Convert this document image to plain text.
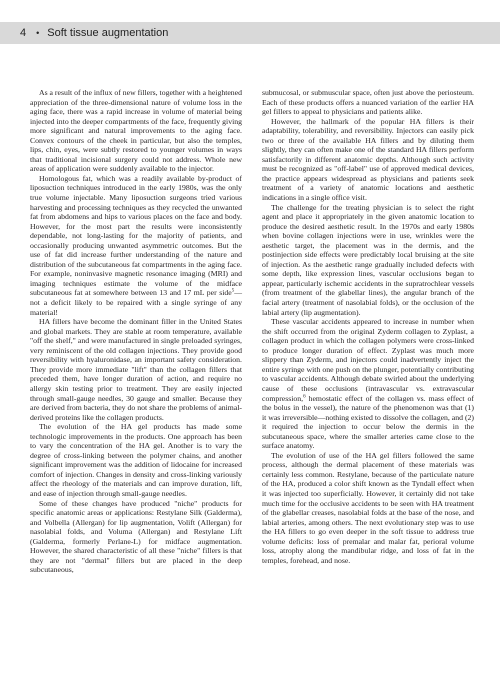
4 • Soft tissue augmentation

As a result of the influx of new fillers, together with a heightened appreciation of the three-dimensional nature of volume loss in the aging face, there was a rapid increase in volume of material being injected into the deeper compartments of the face, frequently giving more significant and natural improvements to the aging face. Convex contours of the cheek in particular, but also the temples, lips, chin, eyes, were subtly restored to younger volumes in ways that traditional incisional surgery could not address. Whole new areas of application were suddenly available to the injector.

Homologous fat, which was a readily available by-product of liposuction techniques introduced in the early 1980s, was the only true volume injectable. Many liposuction surgeons tried various harvesting and processing techniques as they recycled the unwanted fat from abdomens and hips to various places on the face and body. However, for the most part the results were inconsistently dependable, not long-lasting for the majority of patients, and occasionally producing unwanted asymmetric outcomes. But the use of fat did increase further understanding of the nature and distribution of the subcutaneous fat compartments in the aging face. For example, noninvasive magnetic resonance imaging (MRI) and imaging techniques estimate the volume of the midface subcutaneous fat at somewhere between 13 and 17 mL per side$^5$—not a deficit likely to be repaired with a single syringe of any material!

HA fillers have become the dominant filler in the United States and global markets. They are stable at room temperature, available "off the shelf," and were manufactured in single preloaded syringes, very reminiscent of the old collagen injections. They provide good reversibility with hyaluronidase, an important safety consideration. They provide more immediate "lift" than the collagen fillers that preceded them, have longer duration of action, and require no allergy skin testing prior to treatment. They are easily injected through small-gauge needles, 30 gauge and smaller. Because they are derived from bacteria, they do not share the problems of animal-derived proteins like the collagen products.

The evolution of the HA gel products has made some technologic improvements in the products. One approach has been to vary the concentration of the HA gel. Another is to vary the degree of cross-linking between the polymer chains, and another significant improvement was the addition of lidocaine for increased comfort of injection. Changes in density and cross-linking variously affect the rheology of the materials and can improve duration, lift, and ease of injection through small-gauge needles.

Some of these changes have produced "niche" products for specific anatomic areas or applications: Restylane Silk (Galderma), and Volbella (Allergan) for lip augmentation, Volift (Allergan) for nasolabial folds, and Voluma (Allergan) and Restylane Lift (Galderma, formerly Perlane-L) for midface augmentation. However, the shared characteristic of all these "niche" fillers is that they are not "dermal" fillers but are placed in the deep subcutaneous,

submucosal, or submuscular space, often just above the periosteum. Each of these products offers a nuanced variation of the earlier HA gel fillers to appeal to physicians and patients alike.

However, the hallmark of the popular HA fillers is their adaptability, tolerability, and reversibility. Injectors can easily pick two or three of the available HA fillers and by diluting them slightly, they can often make one of the standard HA fillers perform satisfactorily in different anatomic depths. Although such activity must be recognized as "off-label" use of approved medical devices, the practice appears widespread as physicians and patients seek treatment of a variety of anatomic locations and aesthetic indications in a single office visit.

The challenge for the treating physician is to select the right agent and place it appropriately in the given anatomic location to produce the desired aesthetic result. In the 1970s and early 1980s when bovine collagen injections were in use, wrinkles were the aesthetic target, the placement was in the dermis, and the postinjection side effects were predictably local bruising at the site of injection. As the aesthetic range gradually included defects with some depth, like expression lines, vascular occlusions began to appear, particularly ischemic accidents in the supratrochlear vessels (from treatment of the glabellar lines), the angular branch of the facial artery (treatment of nasolabial folds), or the occlusion of the labial artery (lip augmentation).

These vascular accidents appeared to increase in number when the shift occurred from the original Zyderm collagen to Zyplast, a collagen product in which the collagen polymers were cross-linked to produce longer duration of effect. Zyplast was much more slippery than Zyderm, and injectors could inadvertently inject the entire syringe with one push on the plunger, potentially contributing to vascular accidents. Although debate swirled about the underlying cause of these occlusions (intravascular vs. extravascular compression,$^6$ hemostatic effect of the collagen vs. mass effect of the bolus in the vessel), the nature of the phenomenon was that (1) it was irreversible—nothing existed to dissolve the collagen, and (2) it required the injection to occur below the dermis in the subcutaneous space, where the smaller arteries came close to the surface anatomy.

The evolution of use of the HA gel fillers followed the same process, although the dermal placement of these materials was certainly less common. Restylane, because of the particulate nature of the HA, produced a color shift known as the Tyndall effect when it was injected too superficially. However, it certainly did not take much time for the occlusive accidents to be seen with HA treatment of the glabellar creases, nasolabial folds at the base of the nose, and labial arteries, among others. The next evolutionary step was to use the HA fillers to go even deeper in the soft tissue to address true volume deficits: loss of premalar and malar fat, perioral volume loss, atrophy along the mandibular ridge, and loss of fat in the temples, forehead, and nose.
